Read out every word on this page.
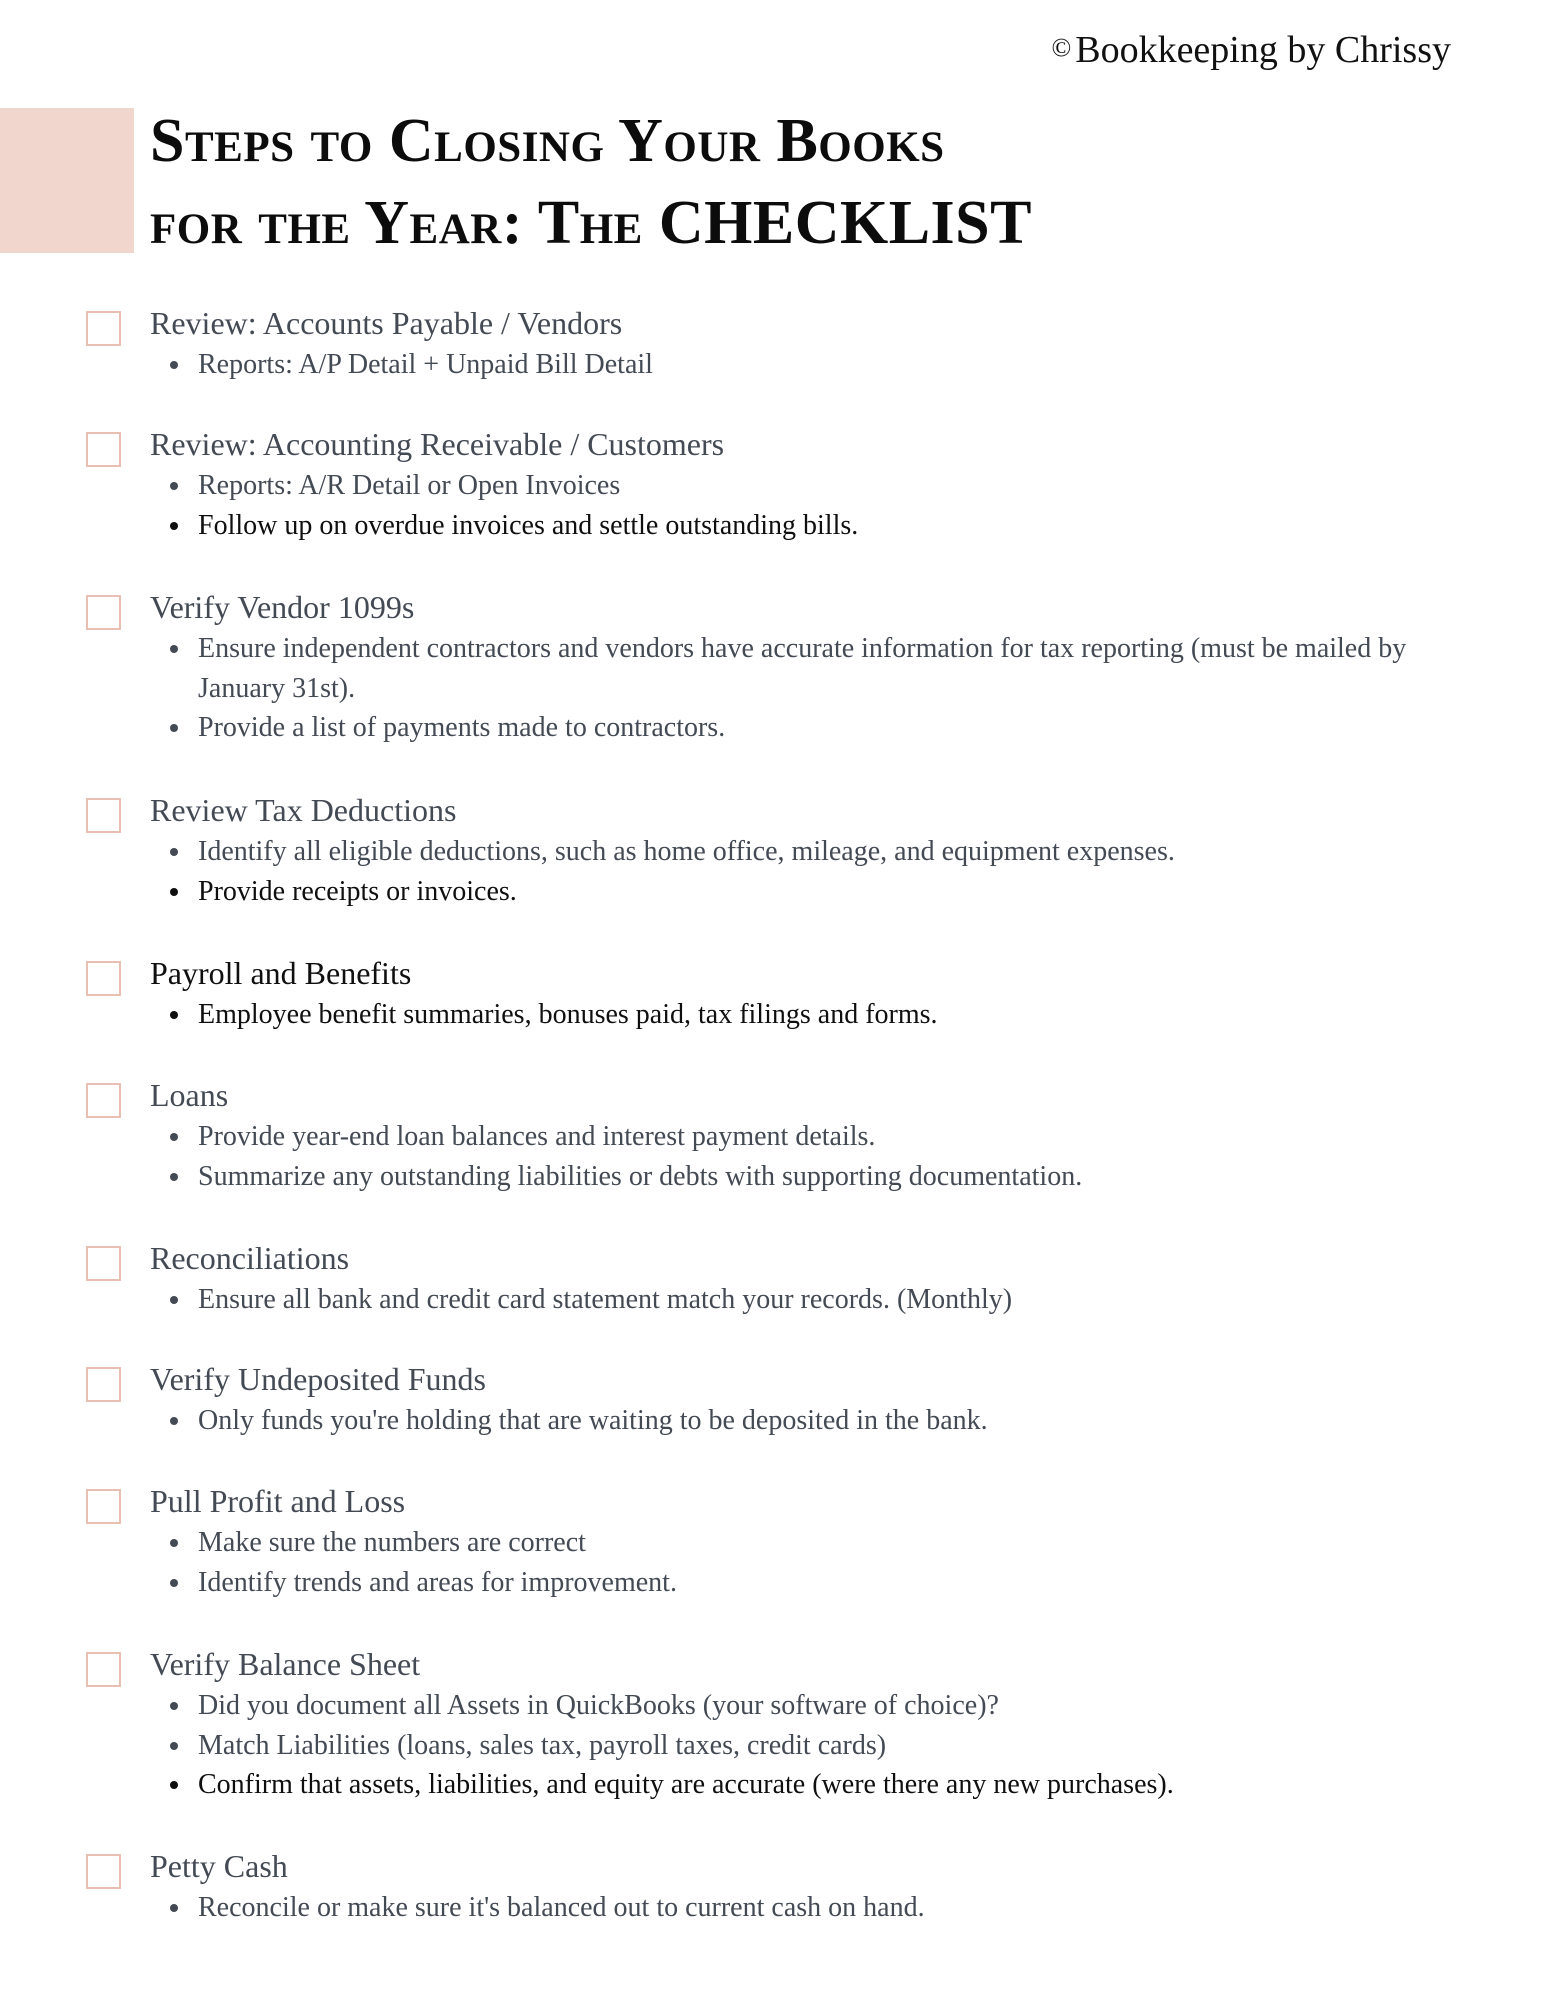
© Bookkeeping by Chrissy
Steps to Closing Your Books
for the Year: The CHECKLIST
Review: Accounts Payable / Vendors
Reports: A/P Detail + Unpaid Bill Detail
Review: Accounting Receivable / Customers
Reports: A/R Detail or Open Invoices
Follow up on overdue invoices and settle outstanding bills.
Verify Vendor 1099s
Ensure independent contractors and vendors have accurate information for tax reporting (must be mailed by January 31st).
Provide a list of payments made to contractors.
Review Tax Deductions
Identify all eligible deductions, such as home office, mileage, and equipment expenses.
Provide receipts or invoices.
Payroll and Benefits
Employee benefit summaries, bonuses paid, tax filings and forms.
Loans
Provide year-end loan balances and interest payment details.
Summarize any outstanding liabilities or debts with supporting documentation.
Reconciliations
Ensure all bank and credit card statement match your records. (Monthly)
Verify Undeposited Funds
Only funds you're holding that are waiting to be deposited in the bank.
Pull Profit and Loss
Make sure the numbers are correct
Identify trends and areas for improvement.
Verify Balance Sheet
Did you document all Assets in QuickBooks (your software of choice)?
Match Liabilities (loans, sales tax, payroll taxes, credit cards)
Confirm that assets, liabilities, and equity are accurate (were there any new purchases).
Petty Cash
Reconcile or make sure it's balanced out to current cash on hand.
